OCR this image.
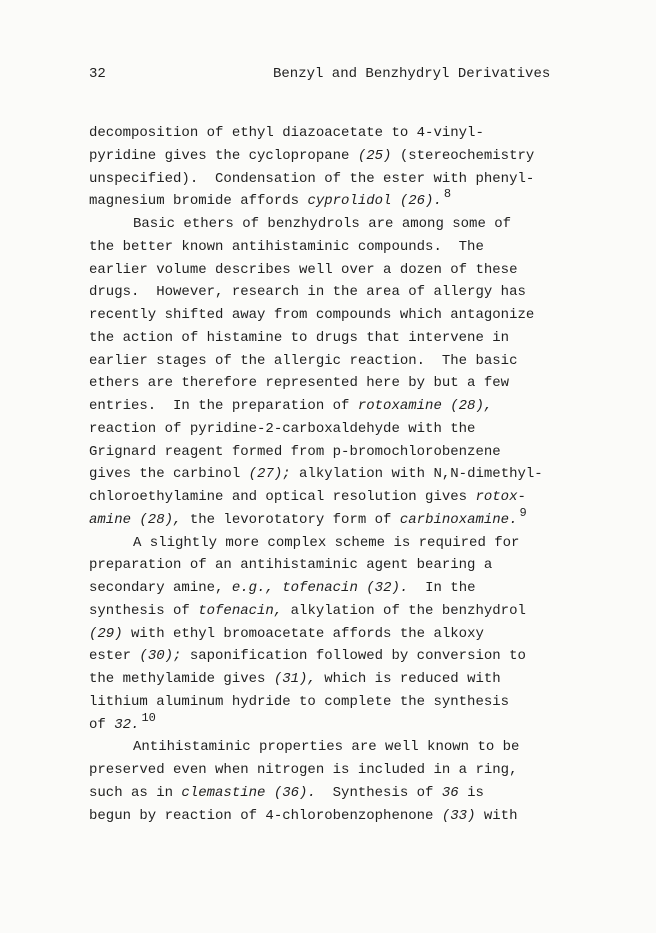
32	Benzyl and Benzhydryl Derivatives
decomposition of ethyl diazoacetate to 4-vinyl-
pyridine gives the cyclopropane (25) (stereochemistry
unspecified).  Condensation of the ester with phenyl-
magnesium bromide affords cyprolidol (26). $^8$
Basic ethers of benzhydrols are among some of
the better known antihistaminic compounds.  The
earlier volume describes well over a dozen of these
drugs.  However, research in the area of allergy has
recently shifted away from compounds which antagonize
the action of histamine to drugs that intervene in
earlier stages of the allergic reaction.  The basic
ethers are therefore represented here by but a few
entries.  In the preparation of rotoxamine (28),
reaction of pyridine-2-carboxaldehyde with the
Grignard reagent formed from p-bromochlorobenzene
gives the carbinol (27); alkylation with N,N-dimethyl-
chloroethylamine and optical resolution gives rotox-
amine (28), the levorotatory form of carbinoxamine. $^9$
A slightly more complex scheme is required for
preparation of an antihistaminic agent bearing a
secondary amine, e.g., tofenacin (32).  In the
synthesis of tofenacin, alkylation of the benzhydrol
(29) with ethyl bromoacetate affords the alkoxy
ester (30); saponification followed by conversion to
the methylamide gives (31), which is reduced with
lithium aluminum hydride to complete the synthesis
of 32. $^{10}$
Antihistaminic properties are well known to be
preserved even when nitrogen is included in a ring,
such as in clemastine (36).  Synthesis of 36 is
begun by reaction of 4-chlorobenzophenone (33) with
